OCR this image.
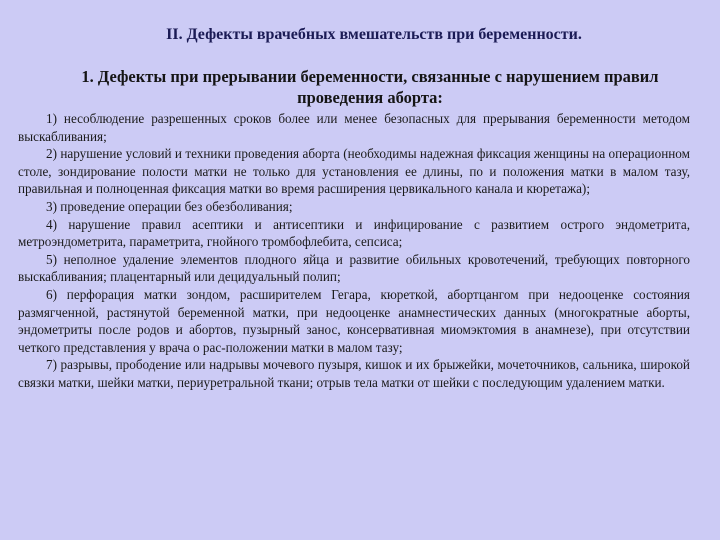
II. Дефекты врачебных вмешательств при беременности.
1. Дефекты при прерывании беременности, связанные с нарушением правил проведения аборта:

1) несоблюдение разрешенных сроков более или менее безопасных для прерывания беременности методом выскабливания;

2) нарушение условий и техники проведения аборта (необходимы надежная фиксация женщины на операционном столе, зондирование полости матки не только для установления ее длины, по и положения матки в малом тазу, правильная и полноценная фиксация матки во время расширения цервикального канала и кюретажа);

3) проведение операции без обезболивания;

4) нарушение правил асептики и антисептики и инфицирование с развитием острого эндометрита, метроэндометрита, параметрита, гнойного тромбофлебита, сепсиса;

5) неполное удаление элементов плодного яйца и развитие обильных кровотечений, требующих повторного выскабливания; плацентарный или децидуальный полип;

6) перфорация матки зондом, расширителем Гегара, кюреткой, абортцангом при недооценке состояния размягченной, растянутой беременной матки, при недооценке анамнестических данных (многократные аборты, эндометриты после родов и абортов, пузырный занос, консервативная миомэктомия в анамнезе), при отсутствии четкого представления у врача о рас-положении матки в малом тазу;

7) разрывы, прободение или надрывы мочевого пузыря, кишок и их брыжейки, мочеточников, сальника, широкой связки матки, шейки матки, периуретральной ткани; отрыв тела матки от шейки с последующим удалением матки.
